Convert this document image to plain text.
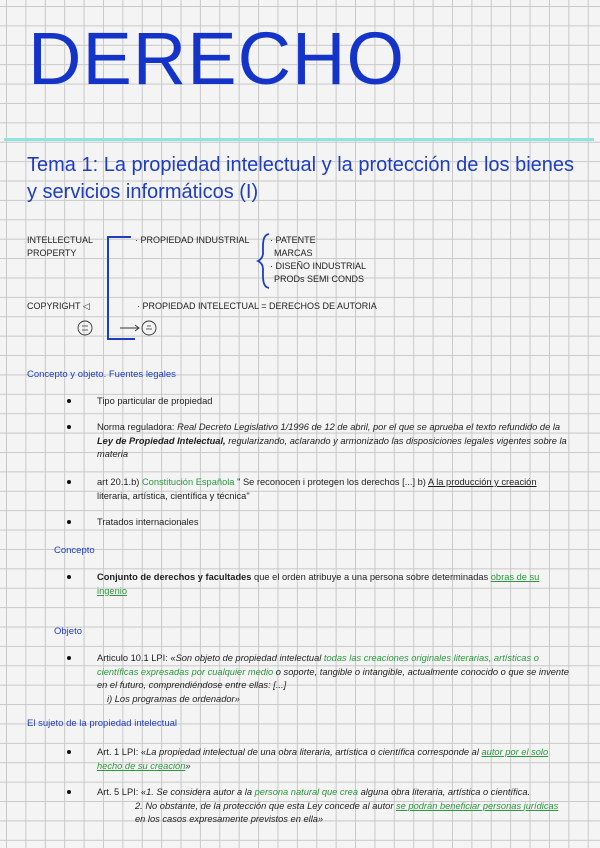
DERECHO
Tema 1: La propiedad intelectual y la protección de los bienes y servicios informáticos (I)
INTELLECTUAL
PROPERTY
· PROPIEDAD INDUSTRIAL · PATENTE
MARCAS
· DISEÑO INDUSTRIAL
PRODs SEMI CONDS
COPYRIGHT ◁	· PROPIEDAD INTELECTUAL = DERECHOS DE AUTORIA
Concepto y objeto. Fuentes legales
Tipo particular de propiedad
Norma reguladora: Real Decreto Legislativo 1/1996 de 12 de abril, por el que se aprueba el texto refundido de la Ley de Propiedad Intelectual, regularizando, aclarando y armonizado las disposiciones legales vigentes sobre la materia
art 20.1.b) Constitución Española " Se reconocen i protegen los derechos [...] b) A la producción y creación literaria, artística, científica y técnica"
Tratados internacionales
Concepto
Conjunto de derechos y facultades que el orden atribuye a una persona sobre determinadas obras de su ingenio
Objeto
Articulo 10.1 LPI: «Son objeto de propiedad intelectual todas las creaciones originales literarias, artísticas o científicas expresadas por cualquier medio o soporte, tangible o intangible, actualmente conocido o que se invente en el futuro, comprendiéndose entre ellas: [...]
i) Los programas de ordenador»
El sujeto de la propiedad intelectual
Art. 1 LPI: «La propiedad intelectual de una obra literaria, artística o científica corresponde al autor por el solo hecho de su creación»
Art. 5 LPI: «1. Se considera autor a la persona natural que crea alguna obra literaria, artística o científica.

2. No obstante, de la protección que esta Ley concede al autor se podrán beneficiar personas jurídicas en los casos expresamente previstos en ella»
